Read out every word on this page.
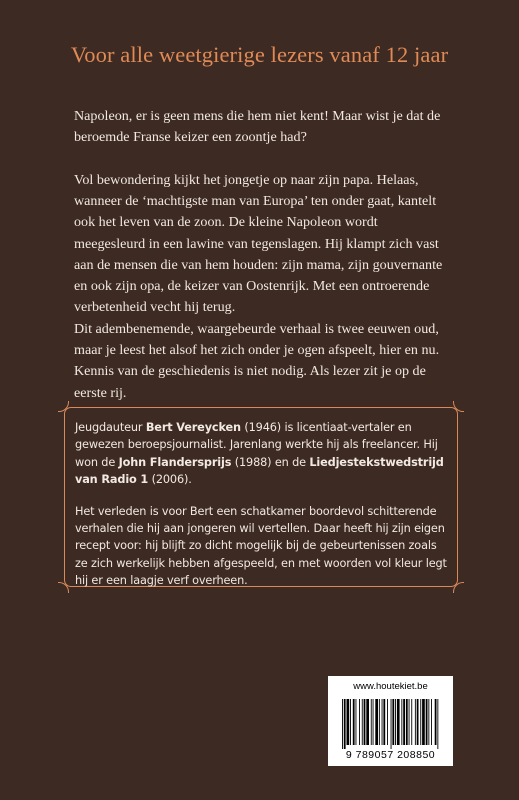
Voor alle weetgierige lezers vanaf 12 jaar

Napoleon, er is geen mens die hem niet kent! Maar wist je dat de beroemde Franse keizer een zoontje had?

Vol bewondering kijkt het jongetje op naar zijn papa. Helaas, wanneer de ‘machtigste man van Europa’ ten onder gaat, kantelt ook het leven van de zoon. De kleine Napoleon wordt meegesleurd in een lawine van tegenslagen. Hij klampt zich vast aan de mensen die van hem houden: zijn mama, zijn gouvernante en ook zijn opa, de keizer van Oostenrijk. Met een ontroerende verbetenheid vecht hij terug.

Dit adembenemende, waargebeurde verhaal is twee eeuwen oud, maar je leest het alsof het zich onder je ogen afspeelt, hier en nu. Kennis van de geschiedenis is niet nodig. Als lezer zit je op de eerste rij.

Jeugdauteur Bert Vereycken (1946) is licentiaat-vertaler en gewezen beroepsjournalist. Jarenlang werkte hij als freelancer. Hij won de John Flandersprijs (1988) en de Liedjestekstwedstrijd van Radio 1 (2006).

Het verleden is voor Bert een schatkamer boordevol schitterende verhalen die hij aan jongeren wil vertellen. Daar heeft hij zijn eigen recept voor: hij blijft zo dicht mogelijk bij de gebeurtenissen zoals ze zich werkelijk hebben afgespeeld, en met woorden vol kleur legt hij er een laagje verf overheen.

www.houtekiet.be
9 789057 208850
